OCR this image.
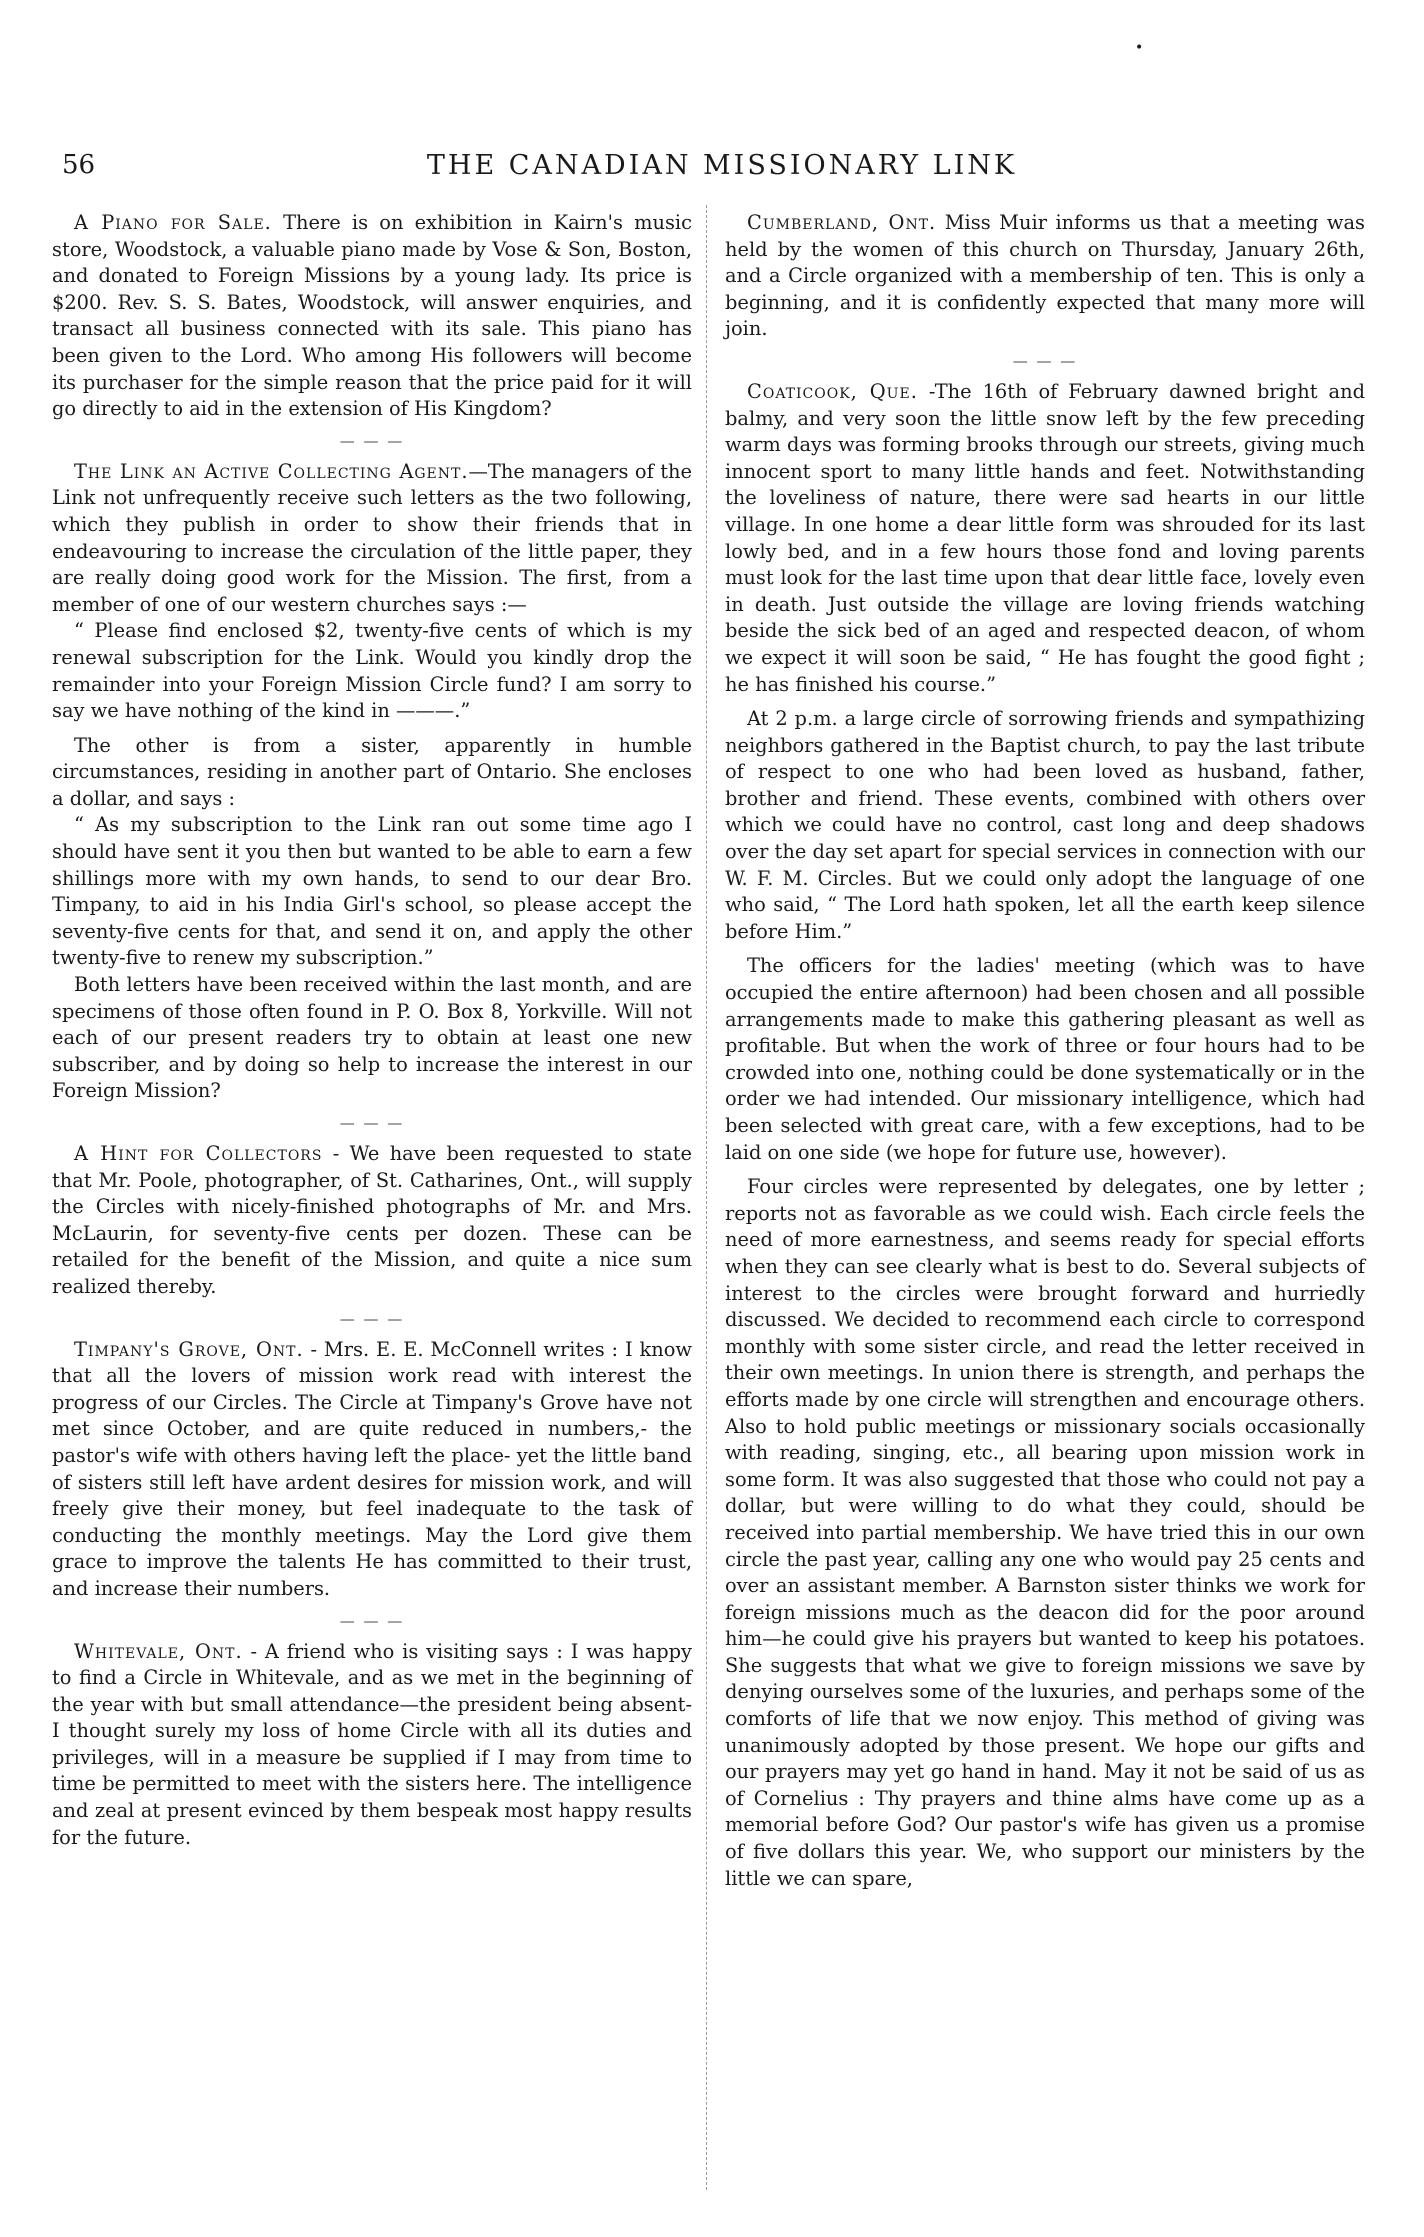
•
56	THE CANADIAN MISSIONARY LINK

A Piano for Sale. There is on exhibition in Kairn's music store, Woodstock, a valuable piano made by Vose & Son, Boston, and donated to Foreign Missions by a young lady. Its price is $200. Rev. S. S. Bates, Woodstock, will answer enquiries, and transact all business connected with its sale. This piano has been given to the Lord. Who among His followers will become its purchaser for the simple reason that the price paid for it will go directly to aid in the extension of His Kingdom?

— — —

The Link an Active Collecting Agent.—The managers of the Link not unfrequently receive such letters as the two following, which they publish in order to show their friends that in endeavouring to increase the circulation of the little paper, they are really doing good work for the Mission. The first, from a member of one of our western churches says :—

“ Please find enclosed $2, twenty-five cents of which is my renewal subscription for the Link. Would you kindly drop the remainder into your Foreign Mission Circle fund? I am sorry to say we have nothing of the kind in ———.”

The other is from a sister, apparently in humble circumstances, residing in another part of Ontario. She encloses a dollar, and says :

“ As my subscription to the Link ran out some time ago I should have sent it you then but wanted to be able to earn a few shillings more with my own hands, to send to our dear Bro. Timpany, to aid in his India Girl's school, so please accept the seventy-five cents for that, and send it on, and apply the other twenty-five to renew my subscription.”

Both letters have been received within the last month, and are specimens of those often found in P. O. Box 8, Yorkville. Will not each of our present readers try to obtain at least one new subscriber, and by doing so help to increase the interest in our Foreign Mission?

— — —

A Hint for Collectors - We have been requested to state that Mr. Poole, photographer, of St. Catharines, Ont., will supply the Circles with nicely-finished photographs of Mr. and Mrs. McLaurin, for seventy-five cents per dozen. These can be retailed for the benefit of the Mission, and quite a nice sum realized thereby.

— — —

Timpany's Grove, Ont. - Mrs. E. E. McConnell writes : I know that all the lovers of mission work read with interest the progress of our Circles. The Circle at Timpany's Grove have not met since October, and are quite reduced in numbers,- the pastor's wife with others having left the place- yet the little band of sisters still left have ardent desires for mission work, and will freely give their money, but feel inadequate to the task of conducting the monthly meetings. May the Lord give them grace to improve the talents He has committed to their trust, and increase their numbers.

— — —

Whitevale, Ont. - A friend who is visiting says : I was happy to find a Circle in Whitevale, and as we met in the beginning of the year with but small attendance—the president being absent- I thought surely my loss of home Circle with all its duties and privileges, will in a measure be supplied if I may from time to time be permitted to meet with the sisters here. The intelligence and zeal at present evinced by them bespeak most happy results for the future.

Cumberland, Ont. Miss Muir informs us that a meeting was held by the women of this church on Thursday, January 26th, and a Circle organized with a membership of ten. This is only a beginning, and it is confidently expected that many more will join.

— — —

Coaticook, Que. -The 16th of February dawned bright and balmy, and very soon the little snow left by the few preceding warm days was forming brooks through our streets, giving much innocent sport to many little hands and feet. Notwithstanding the loveliness of nature, there were sad hearts in our little village. In one home a dear little form was shrouded for its last lowly bed, and in a few hours those fond and loving parents must look for the last time upon that dear little face, lovely even in death. Just outside the village are loving friends watching beside the sick bed of an aged and respected deacon, of whom we expect it will soon be said, “ He has fought the good fight ; he has finished his course.”

At 2 p.m. a large circle of sorrowing friends and sympathizing neighbors gathered in the Baptist church, to pay the last tribute of respect to one who had been loved as husband, father, brother and friend. These events, combined with others over which we could have no control, cast long and deep shadows over the day set apart for special services in connection with our W. F. M. Circles. But we could only adopt the language of one who said, “ The Lord hath spoken, let all the earth keep silence before Him.”

The officers for the ladies' meeting (which was to have occupied the entire afternoon) had been chosen and all possible arrangements made to make this gathering pleasant as well as profitable. But when the work of three or four hours had to be crowded into one, nothing could be done systematically or in the order we had intended. Our missionary intelligence, which had been selected with great care, with a few exceptions, had to be laid on one side (we hope for future use, however).

Four circles were represented by delegates, one by letter ; reports not as favorable as we could wish. Each circle feels the need of more earnestness, and seems ready for special efforts when they can see clearly what is best to do. Several subjects of interest to the circles were brought forward and hurriedly discussed. We decided to recommend each circle to correspond monthly with some sister circle, and read the letter received in their own meetings. In union there is strength, and perhaps the efforts made by one circle will strengthen and encourage others. Also to hold public meetings or missionary socials occasionally with reading, singing, etc., all bearing upon mission work in some form. It was also suggested that those who could not pay a dollar, but were willing to do what they could, should be received into partial membership. We have tried this in our own circle the past year, calling any one who would pay 25 cents and over an assistant member. A Barnston sister thinks we work for foreign missions much as the deacon did for the poor around him—he could give his prayers but wanted to keep his potatoes. She suggests that what we give to foreign missions we save by denying ourselves some of the luxuries, and perhaps some of the comforts of life that we now enjoy. This method of giving was unanimously adopted by those present. We hope our gifts and our prayers may yet go hand in hand. May it not be said of us as of Cornelius : Thy prayers and thine alms have come up as a memorial before God? Our pastor's wife has given us a promise of five dollars this year. We, who support our ministers by the little we can spare,
